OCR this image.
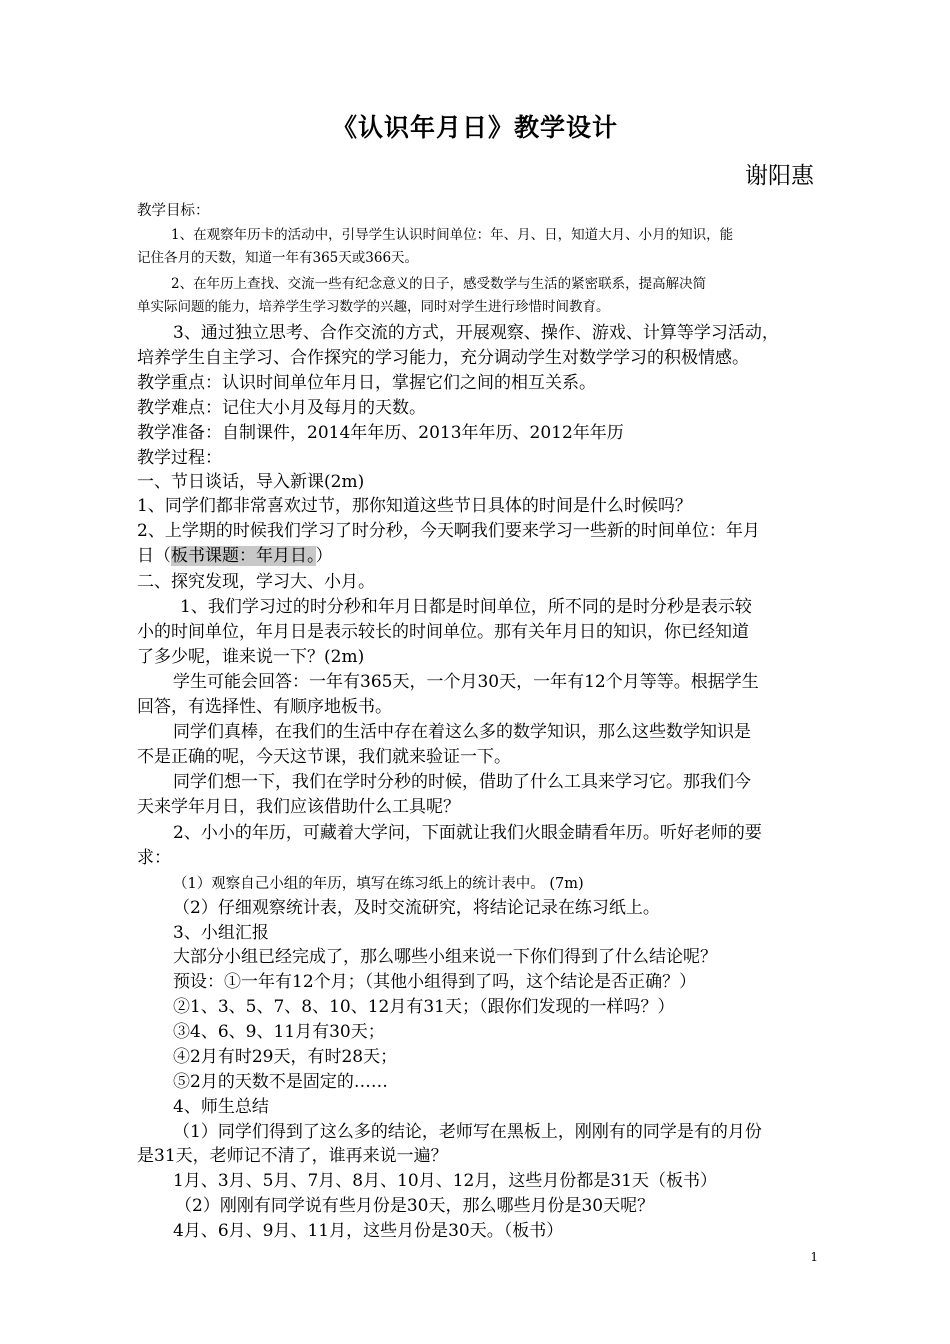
《认识年月日》教学设计
谢阳惠
教学目标：
1、在观察年历卡的活动中，引导学生认识时间单位：年、月、日，知道大月、小月的知识，能
记住各月的天数，知道一年有365天或366天。
2、在年历上查找、交流一些有纪念意义的日子，感受数学与生活的紧密联系，提高解决简
单实际问题的能力，培养学生学习数学的兴趣，同时对学生进行珍惜时间教育。
3、通过独立思考、合作交流的方式，开展观察、操作、游戏、计算等学习活动，
培养学生自主学习、合作探究的学习能力，充分调动学生对数学学习的积极情感。
教学重点：认识时间单位年月日，掌握它们之间的相互关系。
教学难点：记住大小月及每月的天数。
教学准备：自制课件，2014年年历、2013年年历、2012年年历
教学过程：
一、节日谈话，导入新课(2m)
1、同学们都非常喜欢过节，那你知道这些节日具体的时间是什么时候吗？
2、上学期的时候我们学习了时分秒，今天啊我们要来学习一些新的时间单位：年月
日（板书课题：年月日。）
二、探究发现，学习大、小月。
1、我们学习过的时分秒和年月日都是时间单位，所不同的是时分秒是表示较
小的时间单位，年月日是表示较长的时间单位。那有关年月日的知识，你已经知道
了多少呢，谁来说一下？(2m)
学生可能会回答：一年有365天，一个月30天，一年有12个月等等。根据学生
回答，有选择性、有顺序地板书。
同学们真棒，在我们的生活中存在着这么多的数学知识，那么这些数学知识是
不是正确的呢，今天这节课，我们就来验证一下。
同学们想一下，我们在学时分秒的时候，借助了什么工具来学习它。那我们今
天来学年月日，我们应该借助什么工具呢？
2、小小的年历，可藏着大学问，下面就让我们火眼金睛看年历。听好老师的要
求：
（1）观察自己小组的年历，填写在练习纸上的统计表中。 (7m)
（2）仔细观察统计表，及时交流研究，将结论记录在练习纸上。
3、小组汇报
大部分小组已经完成了，那么哪些小组来说一下你们得到了什么结论呢？
预设：①一年有12个月；（其他小组得到了吗，这个结论是否正确？）
②1、3、5、7、8、10、12月有31天；（跟你们发现的一样吗？）
③4、6、9、11月有30天；
④2月有时29天，有时28天；
⑤2月的天数不是固定的……
4、师生总结
（1）同学们得到了这么多的结论，老师写在黑板上，刚刚有的同学是有的月份
是31天，老师记不清了，谁再来说一遍？
1月、3月、5月、7月、8月、10月、12月，这些月份都是31天（板书）
（2）刚刚有同学说有些月份是30天，那么哪些月份是30天呢？
4月、6月、9月、11月，这些月份是30天。（板书）
1
